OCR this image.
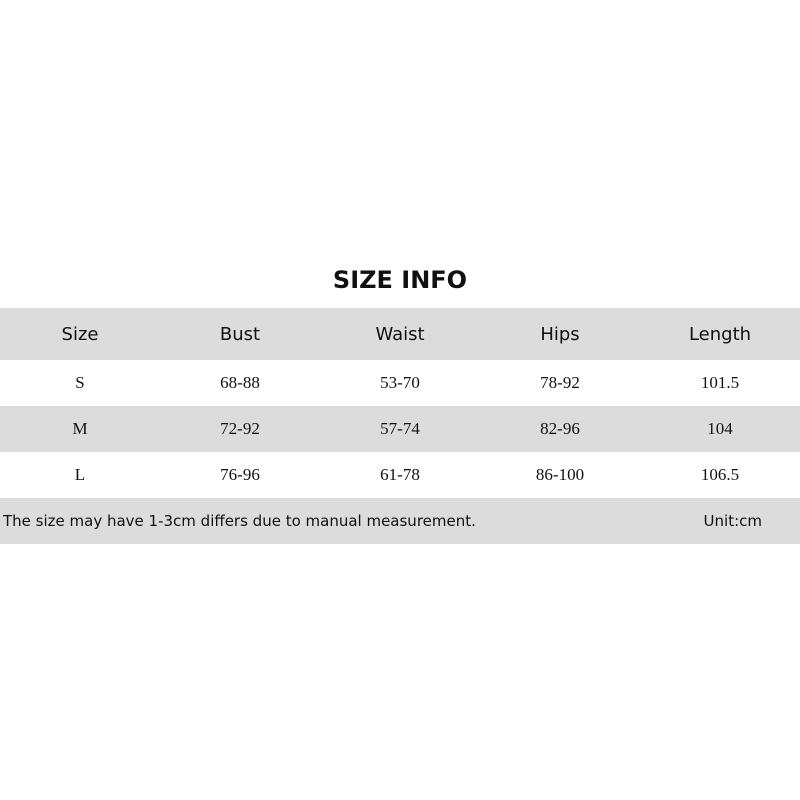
SIZE INFO
Size	Bust	Waist	Hips	Length
S	68-88	53-70	78-92	101.5
M	72-92	57-74	82-96	104
L	76-96	61-78	86-100	106.5
The size may have 1-3cm differs due to manual measurement.	Unit:cm
